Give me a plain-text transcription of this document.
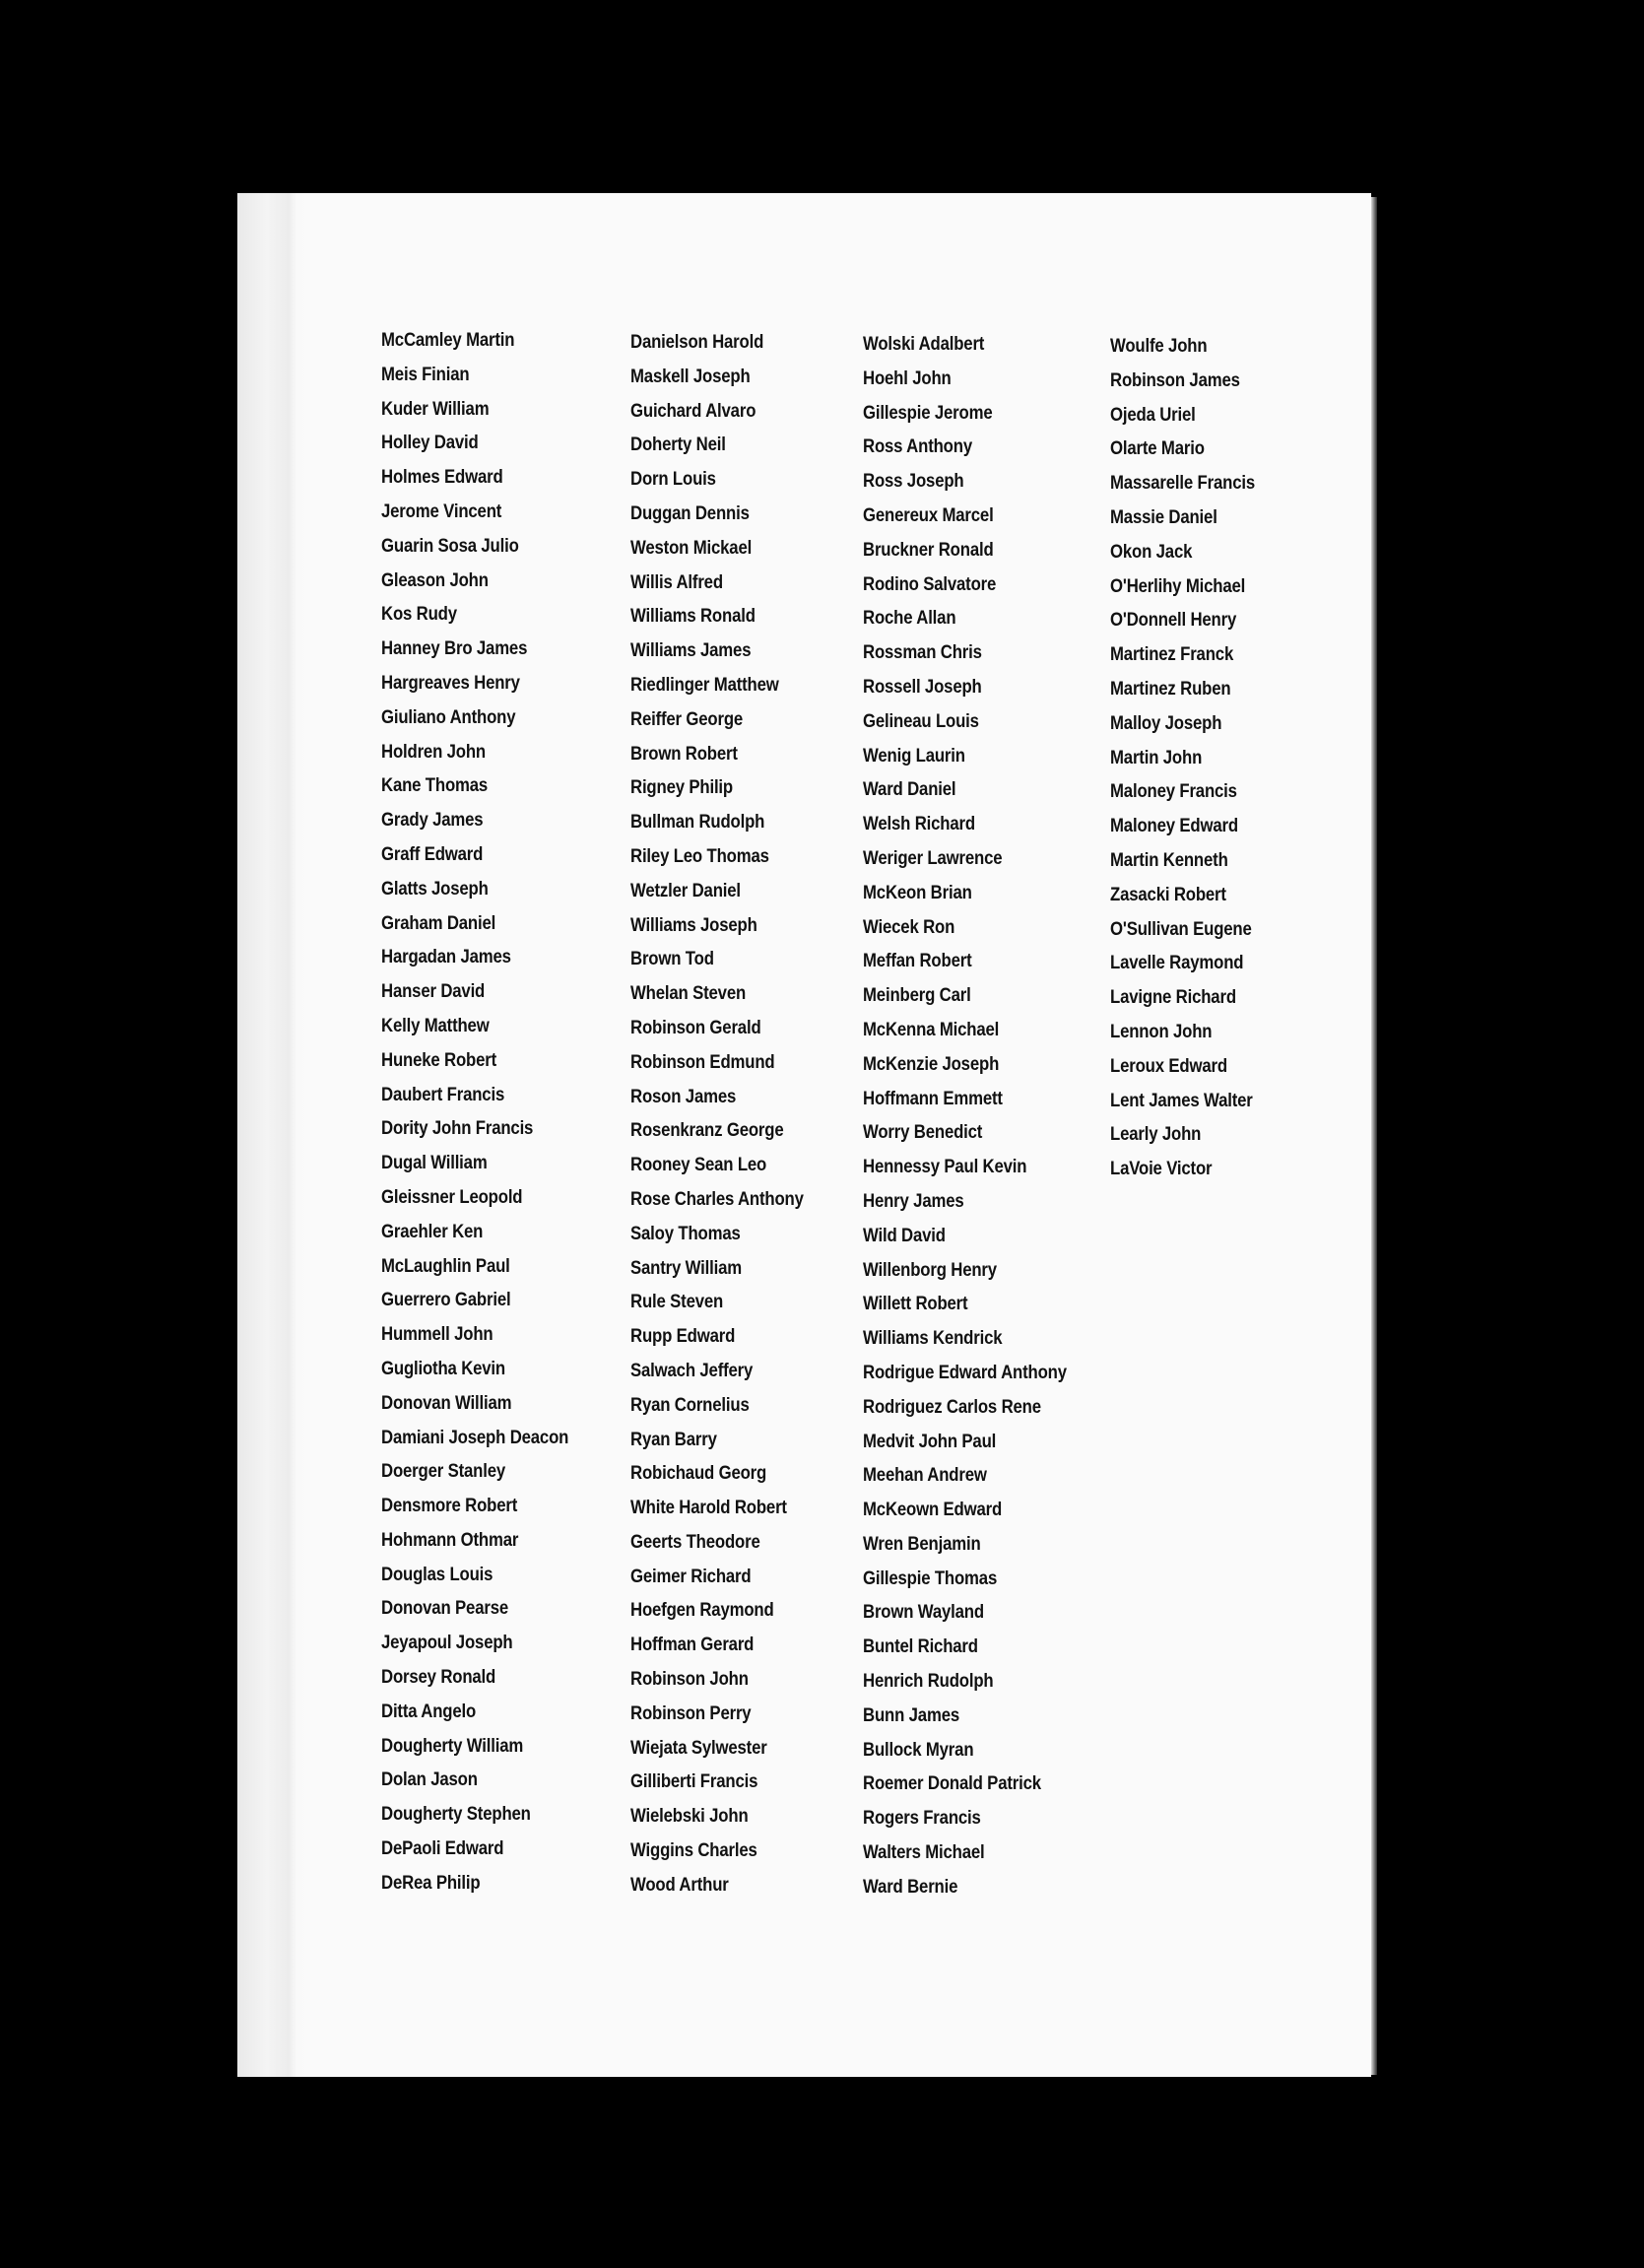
McCamley Martin
Meis Finian
Kuder William
Holley David
Holmes Edward
Jerome Vincent
Guarin Sosa Julio
Gleason John
Kos Rudy
Hanney Bro James
Hargreaves Henry
Giuliano Anthony
Holdren John
Kane Thomas
Grady James
Graff Edward
Glatts Joseph
Graham Daniel
Hargadan James
Hanser David
Kelly Matthew
Huneke Robert
Daubert Francis
Dority John Francis
Dugal William
Gleissner Leopold
Graehler Ken
McLaughlin Paul
Guerrero Gabriel
Hummell John
Gugliotha Kevin
Donovan William
Damiani Joseph Deacon
Doerger Stanley
Densmore Robert
Hohmann Othmar
Douglas Louis
Donovan Pearse
Jeyapoul Joseph
Dorsey Ronald
Ditta Angelo
Dougherty William
Dolan Jason
Dougherty Stephen
DePaoli Edward
DeRea Philip
Danielson Harold
Maskell Joseph
Guichard Alvaro
Doherty Neil
Dorn Louis
Duggan Dennis
Weston Mickael
Willis Alfred
Williams Ronald
Williams James
Riedlinger Matthew
Reiffer George
Brown Robert
Rigney Philip
Bullman Rudolph
Riley Leo Thomas
Wetzler Daniel
Williams Joseph
Brown Tod
Whelan Steven
Robinson Gerald
Robinson Edmund
Roson James
Rosenkranz George
Rooney Sean Leo
Rose Charles Anthony
Saloy Thomas
Santry William
Rule Steven
Rupp Edward
Salwach Jeffery
Ryan Cornelius
Ryan Barry
Robichaud Georg
White Harold Robert
Geerts Theodore
Geimer Richard
Hoefgen Raymond
Hoffman Gerard
Robinson John
Robinson Perry
Wiejata Sylwester
Gilliberti Francis
Wielebski John
Wiggins Charles
Wood Arthur
Wolski Adalbert
Hoehl John
Gillespie Jerome
Ross Anthony
Ross Joseph
Genereux Marcel
Bruckner Ronald
Rodino Salvatore
Roche Allan
Rossman Chris
Rossell Joseph
Gelineau Louis
Wenig Laurin
Ward Daniel
Welsh Richard
Weriger Lawrence
McKeon Brian
Wiecek Ron
Meffan Robert
Meinberg Carl
McKenna Michael
McKenzie Joseph
Hoffmann Emmett
Worry Benedict
Hennessy Paul Kevin
Henry James
Wild David
Willenborg Henry
Willett Robert
Williams Kendrick
Rodrigue Edward Anthony
Rodriguez Carlos Rene
Medvit John Paul
Meehan Andrew
McKeown Edward
Wren Benjamin
Gillespie Thomas
Brown Wayland
Buntel Richard
Henrich Rudolph
Bunn James
Bullock Myran
Roemer Donald Patrick
Rogers Francis
Walters Michael
Ward Bernie
Woulfe John
Robinson James
Ojeda Uriel
Olarte Mario
Massarelle Francis
Massie Daniel
Okon Jack
O'Herlihy Michael
O'Donnell Henry
Martinez Franck
Martinez Ruben
Malloy Joseph
Martin John
Maloney Francis
Maloney Edward
Martin Kenneth
Zasacki Robert
O'Sullivan Eugene
Lavelle Raymond
Lavigne Richard
Lennon John
Leroux Edward
Lent James Walter
Learly John
LaVoie Victor
